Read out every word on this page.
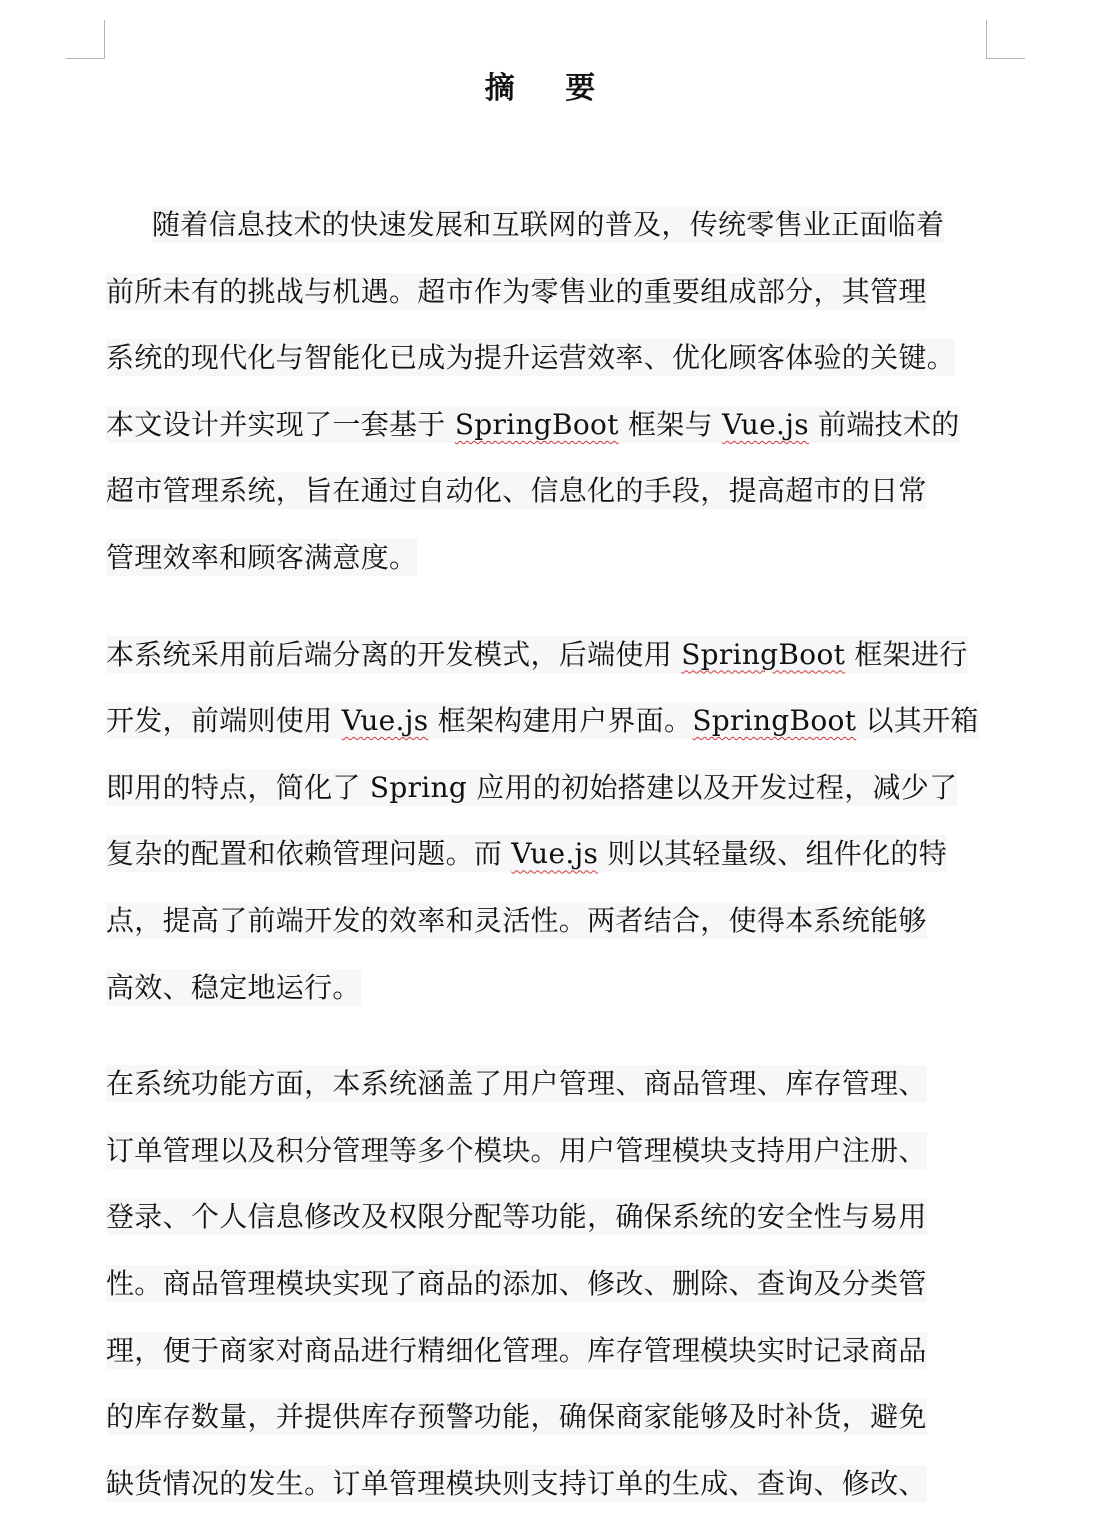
摘 要
随着信息技术的快速发展和互联网的普及，传统零售业正面临着
前所未有的挑战与机遇。超市作为零售业的重要组成部分，其管理
系统的现代化与智能化已成为提升运营效率、优化顾客体验的关键。
本文设计并实现了一套基于 SpringBoot 框架与 Vue.js 前端技术的
超市管理系统，旨在通过自动化、信息化的手段，提高超市的日常
管理效率和顾客满意度。
本系统采用前后端分离的开发模式，后端使用 SpringBoot 框架进行
开发，前端则使用 Vue.js 框架构建用户界面。SpringBoot 以其开箱
即用的特点，简化了 Spring 应用的初始搭建以及开发过程，减少了
复杂的配置和依赖管理问题。而 Vue.js 则以其轻量级、组件化的特
点，提高了前端开发的效率和灵活性。两者结合，使得本系统能够
高效、稳定地运行。
在系统功能方面，本系统涵盖了用户管理、商品管理、库存管理、
订单管理以及积分管理等多个模块。用户管理模块支持用户注册、
登录、个人信息修改及权限分配等功能，确保系统的安全性与易用
性。商品管理模块实现了商品的添加、修改、删除、查询及分类管
理，便于商家对商品进行精细化管理。库存管理模块实时记录商品
的库存数量，并提供库存预警功能，确保商家能够及时补货，避免
缺货情况的发生。订单管理模块则支持订单的生成、查询、修改、
